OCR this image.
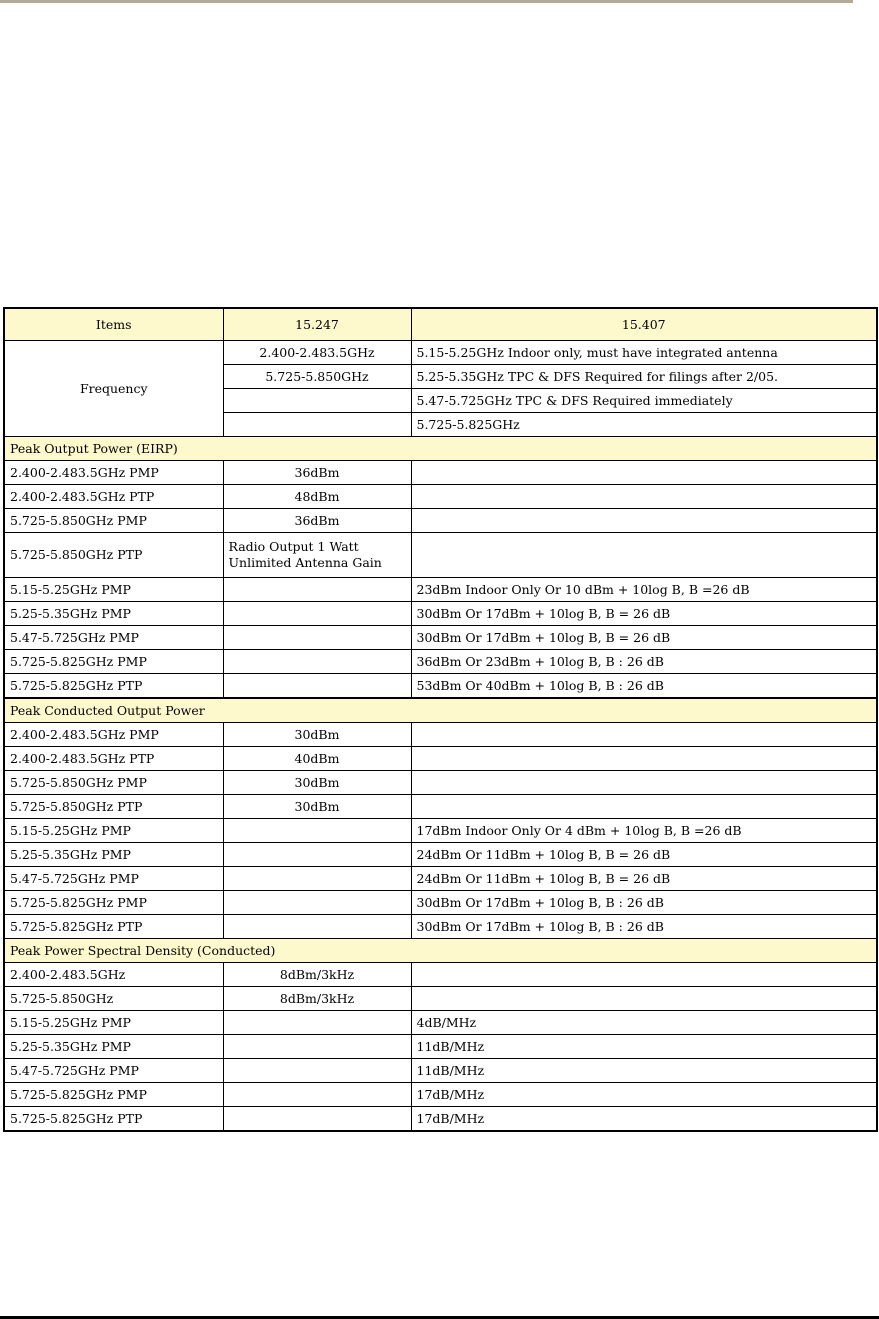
Items	15.247	15.407
Frequency	2.400-2.483.5GHz	5.15-5.25GHz Indoor only, must have integrated antenna
	5.725-5.850GHz	5.25-5.35GHz TPC & DFS Required for filings after 2/05.
		5.47-5.725GHz TPC & DFS Required immediately
		5.725-5.825GHz
Peak Output Power (EIRP)		
2.400-2.483.5GHz PMP	36dBm	
2.400-2.483.5GHz PTP	48dBm	
5.725-5.850GHz PMP	36dBm	
5.725-5.850GHz PTP	Radio Output 1 Watt
Unlimited Antenna Gain	

5.15-5.25GHz PMP		23dBm Indoor Only Or 10 dBm + 10log B, B =26 dB
5.25-5.35GHz PMP		30dBm Or 17dBm + 10log B, B = 26 dB
5.47-5.725GHz PMP		30dBm Or 17dBm + 10log B, B = 26 dB
5.725-5.825GHz PMP		36dBm Or 23dBm + 10log B, B : 26 dB
5.725-5.825GHz PTP		53dBm Or 40dBm + 10log B, B : 26 dB
Peak Conducted Output Power		
2.400-2.483.5GHz PMP	30dBm	
2.400-2.483.5GHz PTP	40dBm	
5.725-5.850GHz PMP	30dBm	
5.725-5.850GHz PTP	30dBm	
5.15-5.25GHz PMP		17dBm Indoor Only Or 4 dBm + 10log B, B =26 dB
5.25-5.35GHz PMP		24dBm Or 11dBm + 10log B, B = 26 dB
5.47-5.725GHz PMP		24dBm Or 11dBm + 10log B, B = 26 dB
5.725-5.825GHz PMP		30dBm Or 17dBm + 10log B, B : 26 dB
5.725-5.825GHz PTP		30dBm Or 17dBm + 10log B, B : 26 dB
Peak Power Spectral Density (Conducted)		
2.400-2.483.5GHz	8dBm/3kHz	
5.725-5.850GHz	8dBm/3kHz	
5.15-5.25GHz PMP		4dB/MHz
5.25-5.35GHz PMP		11dB/MHz
5.47-5.725GHz PMP		11dB/MHz
5.725-5.825GHz PMP		17dB/MHz
5.725-5.825GHz PTP		17dB/MHz
